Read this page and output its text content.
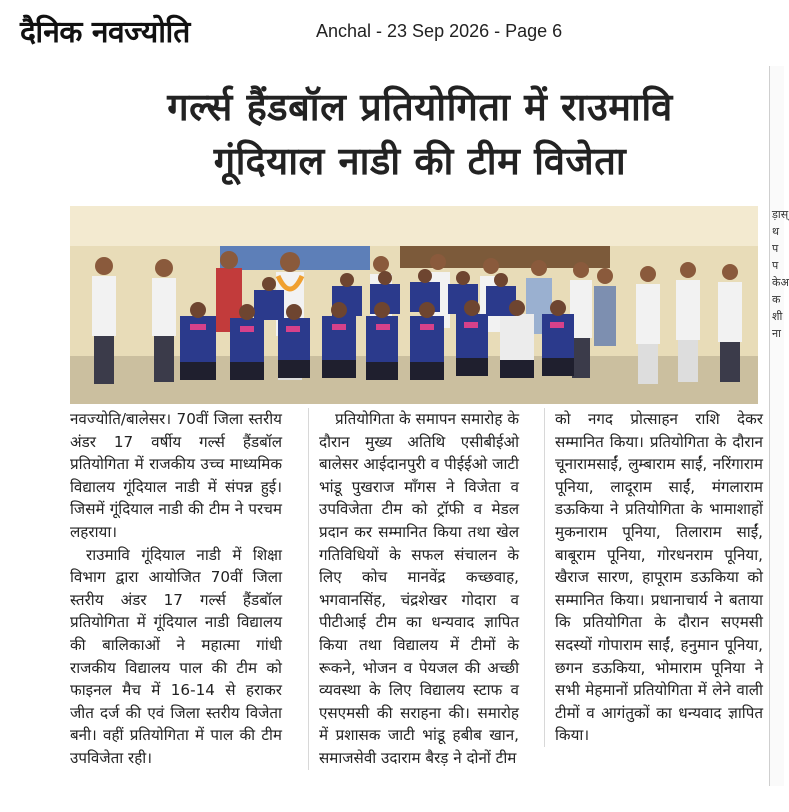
दैनिक नवज्योति	Anchal - 23 Sep 2026 - Page 6
गर्ल्स हैंडबॉल प्रतियोगिता में राउमावि
गूंदियाल नाडी की टीम विजेता

नवज्योति/बालेसर। 70वीं जिला स्तरीय अंडर 17 वर्षीय गर्ल्स हैंडबॉल प्रतियोगिता में राजकीय उच्च माध्यमिक विद्यालय गूंदियाल नाडी में संपन्न हुई। जिसमें गूंदियाल नाडी की टीम ने परचम लहराया।

राउमावि गूंदियाल नाडी में शिक्षा विभाग द्वारा आयोजित 70वीं जिला स्तरीय अंडर 17 गर्ल्स हैंडबॉल प्रतियोगिता में गूंदियाल नाडी विद्यालय की बालिकाओं ने महात्मा गांधी राजकीय विद्यालय पाल की टीम को फाइनल मैच में 16-14 से हराकर जीत दर्ज की एवं जिला स्तरीय विजेता बनी। वहीं प्रतियोगिता में पाल की टीम उपविजेता रही।

प्रतियोगिता के समापन समारोह के दौरान मुख्य अतिथि एसीबीईओ बालेसर आईदानपुरी व पीईईओ जाटी भांडू पुखराज मॉंगस ने विजेता व उपविजेता टीम को ट्रॉफी व मेडल प्रदान कर सम्मानित किया तथा खेल गतिविधियों के सफल संचालन के लिए कोच मानवेंद्र कच्छवाह, भगवानसिंह, चंद्रशेखर गोदारा व पीटीआई टीम का धन्यवाद ज्ञापित किया तथा विद्यालय में टीमों के रूकने, भोजन व पेयजल की अच्छी व्यवस्था के लिए विद्यालय स्टाफ व एसएमसी की सराहना की। समारोह में प्रशासक जाटी भांडू हबीब खान, समाजसेवी उदाराम बैरड़ ने दोनों टीम

को नगद प्रोत्साहन राशि देकर सम्मानित किया। प्रतियोगिता के दौरान चूनारामसाईं, लुम्बाराम साईं, नरिंगाराम पूनिया, लादूराम साईं, मंगलाराम डऊकिया ने प्रतियोगिता के भामाशाहों मुकनाराम पूनिया, तिलाराम साईं, बाबूराम पूनिया, गोरधनराम पूनिया, खैराज सारण, हापूराम डऊकिया को सम्मानित किया। प्रधानाचार्य ने बताया कि प्रतियोगिता के दौरान सएमसी सदस्यों गोपाराम साईं, हनुमान पूनिया, छगन डऊकिया, भोमाराम पूनिया ने सभी मेहमानों प्रतियोगिता में लेने वाली टीमों व आगंतुकों का धन्यवाद ज्ञापित किया।

ड़ास्थपपकेअकशीना
